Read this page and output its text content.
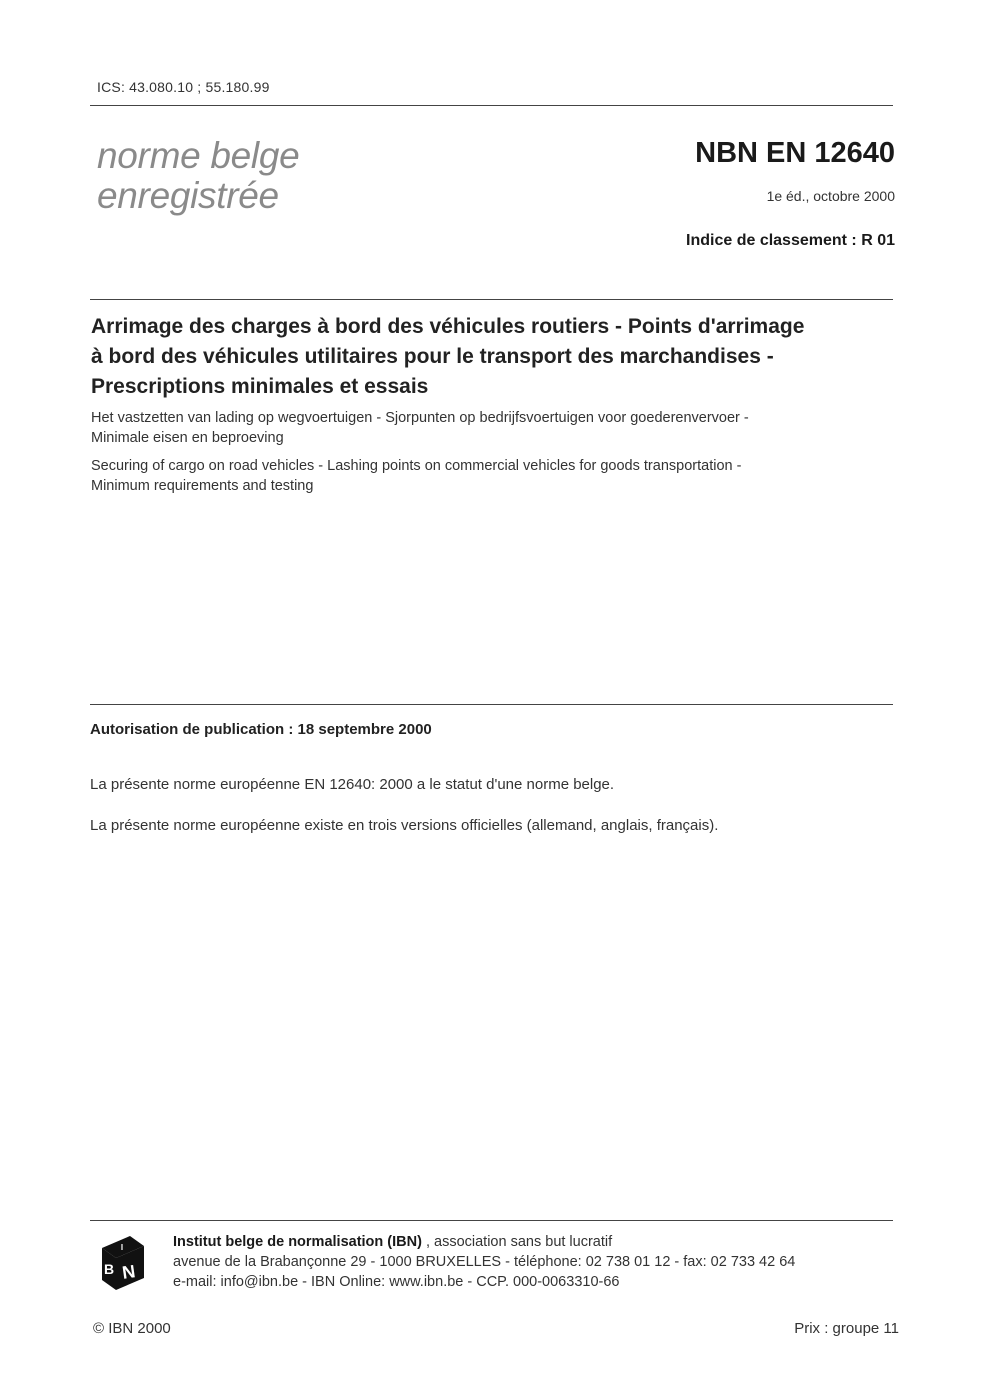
ICS: 43.080.10 ; 55.180.99
norme belge
enregistrée
NBN EN 12640
1e éd., octobre 2000
Indice de classement : R 01
Arrimage des charges à bord des véhicules routiers - Points d'arrimage
à bord des véhicules utilitaires pour le transport des marchandises -
Prescriptions minimales et essais
Het vastzetten van lading op wegvoertuigen - Sjorpunten op bedrijfsvoertuigen voor goederenvervoer -
Minimale eisen en beproeving
Securing of cargo on road vehicles - Lashing points on commercial vehicles for goods transportation -
Minimum requirements and testing
Autorisation de publication : 18 septembre 2000
La présente norme européenne EN 12640: 2000 a le statut d'une norme belge.
La présente norme européenne existe en trois versions officielles (allemand, anglais, français).
N
B
I	Institut belge de normalisation (IBN) , association sans but lucratif
avenue de la Brabançonne 29 - 1000 BRUXELLES - téléphone: 02 738 01 12 - fax: 02 733 42 64
e-mail: info@ibn.be - IBN Online: www.ibn.be - CCP. 000-0063310-66
© IBN 2000	Prix : groupe 11
